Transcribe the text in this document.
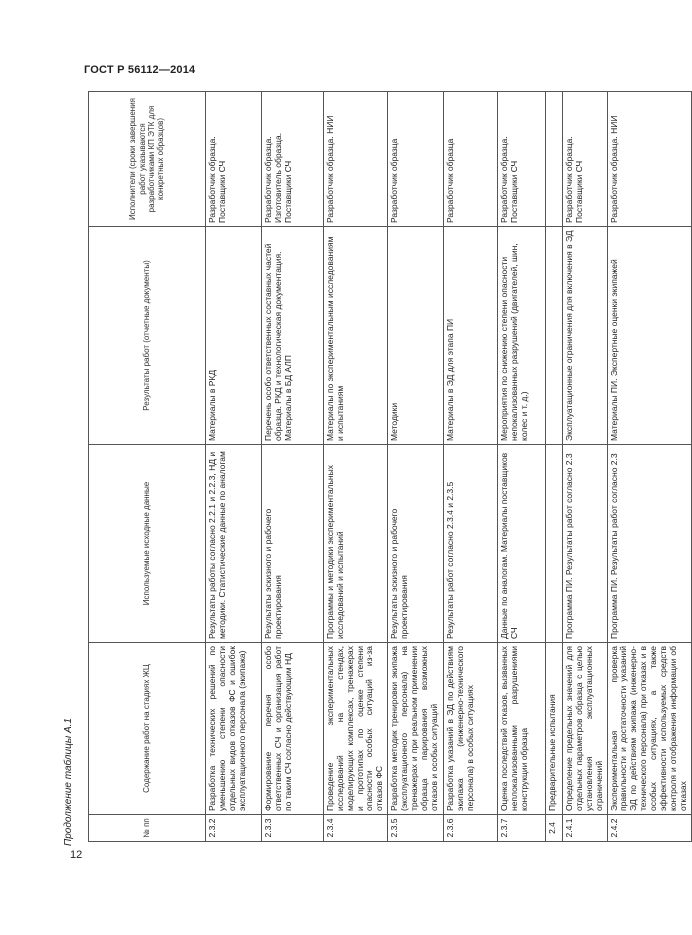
ГОСТ Р 56112—2014
Продолжение таблицы А.1
12
№ пп	Содержание работ на стадиях ЖЦ	Используемые исходные данные	Результаты работ (отчетные документы)	Исполнители (сроки завершения работ указываются разработчиками КП ЭТК для конкретных образцов)
2.3.2	Разработка технических решений по уменьшению степени опасности отдельных видов отказов ФС и ошибок эксплуатационного персонала (экипажа)	Результаты работы согласно 2.2.1 и 2.2.3, НД и методики. Статистические данные по аналогам	Материалы в РКД	Разработчик образца. Поставщики СЧ
2.3.3	Формирование перечня особо ответственных СЧ и организация работ по таким СЧ согласно действующим НД	Результаты эскизного и рабочего проектирования	Перечень особо ответственных составных частей образца. РКД и технологическая документация. Материалы в БД АЛП	Разработчик образца. Изготовитель образца. Поставщики СЧ
2.3.4	Проведение экспериментальных исследований на стендах, моделирующих комплексах, тренажерах и прототипах по оценке степени опасности особых ситуаций из-за отказов ФС	Программы и методики экспериментальных исследований и испытаний	Материалы по экспериментальным исследованиям и испытаниям	Разработчик образца. НИИ
2.3.5	Разработка методик тренировки экипажа (эксплуатационного персонала) на тренажерах и при реальном применении образца парирования возможных отказов и особых ситуаций	Результаты эскизного и рабочего проектирования	Методики	Разработчик образца
2.3.6	Разработка указаний в ЭД по действиям экипажа (инженерно-технического персонала) в особых ситуациях	Результаты работ согласно 2.3.4 и 2.3.5	Материалы в ЭД для этапа ПИ	Разработчик образца
2.3.7	Оценка последствий отказов, вызванных неплокализованными разрушениями конструкции образца	Данные по аналогам. Материалы поставщиков СЧ	Мероприятия по снижению степени опасности непокализованных разрушений (двигателей, шин, колес и т. д.)	Разработчик образца. Поставщики СЧ
2.4	Предварительные испытания			
2.4.1	Определение предельных значений для отдельных параметров образца с целью установления эксплуатационных ограничений	Программа ПИ. Результаты работ согласно 2.3	Эксплуатационные ограничения для включения в ЭД	Разработчик образца. Поставщики СЧ
2.4.2	Экспериментальная проверка правильности и достаточности указаний ЭД по действиям экипажа (инженерно-технического персонала) при отказах и в особых ситуациях, а также эффективности используемых средств контроля и отображения информации об отказах	Программа ПИ. Результаты работ согласно 2.3	Материалы ПИ. Экспертные оценки экипажей	Разработчик образца. НИИ
